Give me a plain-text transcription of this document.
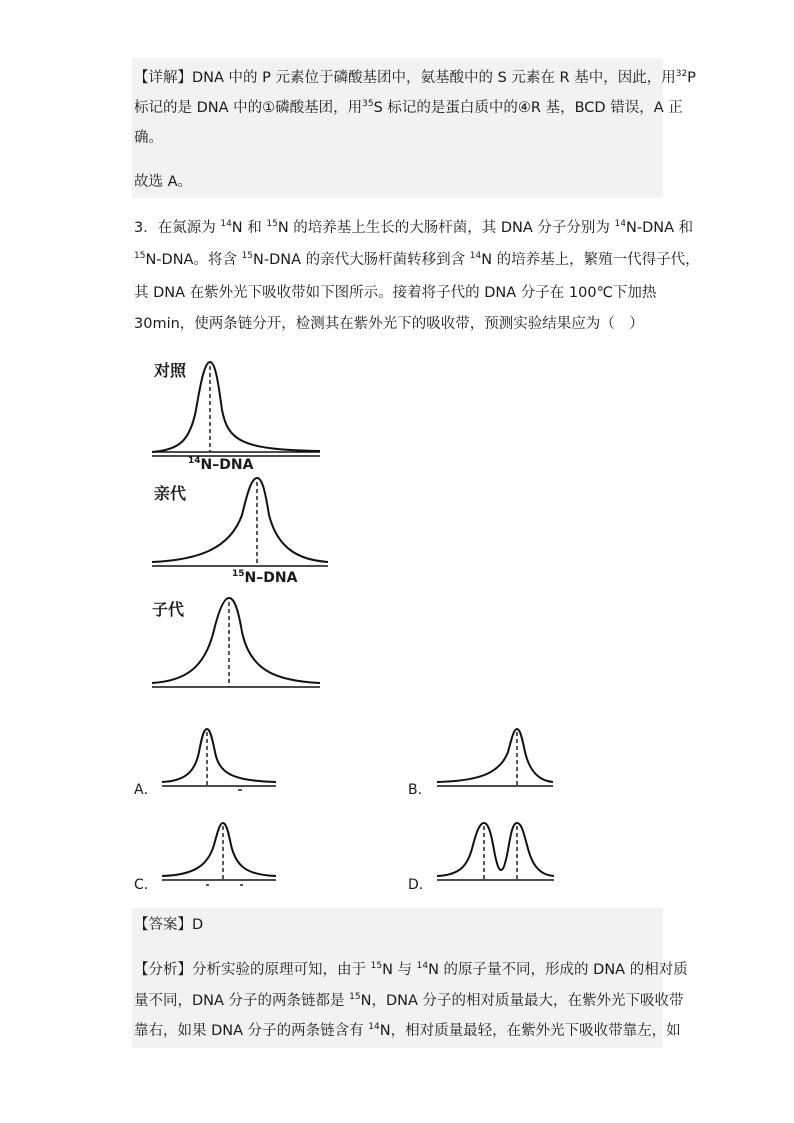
【详解】DNA 中的 P 元素位于磷酸基团中，氨基酸中的 S 元素在 R 基中，因此，用$^{32}$P
标记的是 DNA 中的①磷酸基团，用$^{35}$S 标记的是蛋白质中的④R 基，BCD 错误，A 正
确。
故选 A。
3．在氮源为 $^{14}$N 和 $^{15}$N 的培养基上生长的大肠杆菌，其 DNA 分子分别为 $^{14}$N-DNA 和
$^{15}$N-DNA。将含 $^{15}$N-DNA 的亲代大肠杆菌转移到含 $^{14}$N 的培养基上，繁殖一代得子代，
其 DNA 在紫外光下吸收带如下图所示。接着将子代的 DNA 分子在 100℃下加热
30min，使两条链分开，检测其在紫外光下的吸收带，预测实验结果应为（　）
对照
$^{14}$N–DNA
亲代
$^{15}$N–DNA
子代
A．	B．
C．	D．
【答案】D
【分析】分析实验的原理可知，由于 $^{15}$N 与 $^{14}$N 的原子量不同，形成的 DNA 的相对质
量不同，DNA 分子的两条链都是 $^{15}$N，DNA 分子的相对质量最大，在紫外光下吸收带
靠右，如果 DNA 分子的两条链含有 $^{14}$N，相对质量最轻，在紫外光下吸收带靠左，如
